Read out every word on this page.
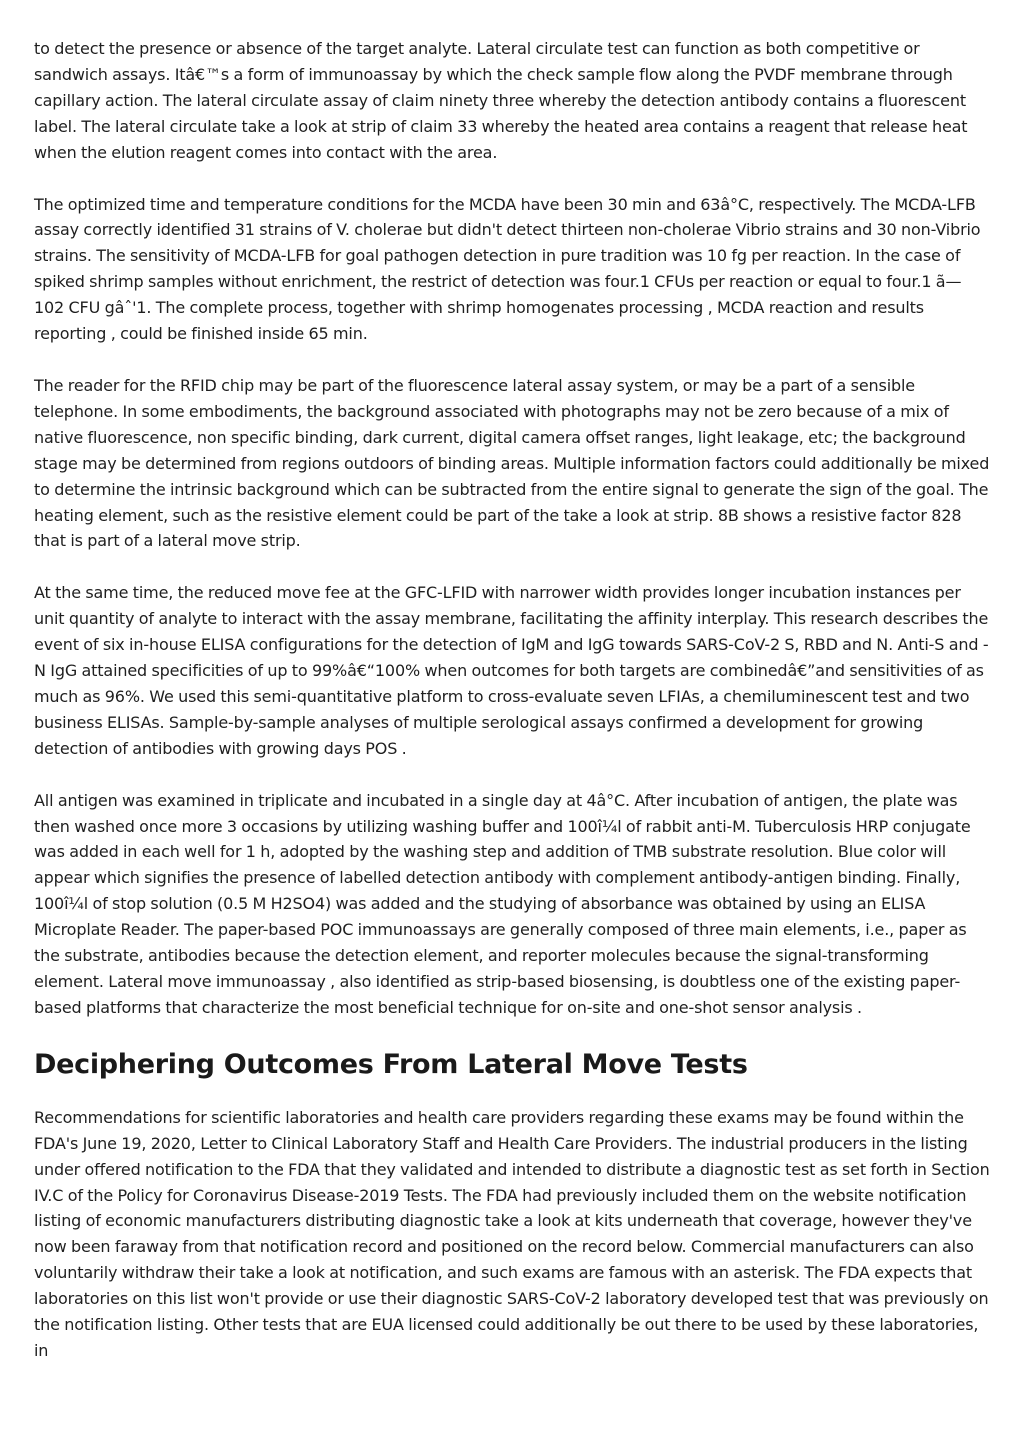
to detect the presence or absence of the target analyte. Lateral circulate test can function as both competitive or sandwich assays. Itâ€™s a form of immunoassay by which the check sample flow along the PVDF membrane through capillary action. The lateral circulate assay of claim ninety three whereby the detection antibody contains a fluorescent label. The lateral circulate take a look at strip of claim 33 whereby the heated area contains a reagent that release heat when the elution reagent comes into contact with the area.

The optimized time and temperature conditions for the MCDA have been 30 min and 63â°C, respectively. The MCDA-LFB assay correctly identified 31 strains of V. cholerae but didn't detect thirteen non-cholerae Vibrio strains and 30 non-Vibrio strains. The sensitivity of MCDA-LFB for goal pathogen detection in pure tradition was 10 fg per reaction. In the case of spiked shrimp samples without enrichment, the restrict of detection was four.1 CFUs per reaction or equal to four.1 ã— 102 CFU gâˆ'1. The complete process, together with shrimp homogenates processing , MCDA reaction and results reporting , could be finished inside 65 min.

The reader for the RFID chip may be part of the fluorescence lateral assay system, or may be a part of a sensible telephone. In some embodiments, the background associated with photographs may not be zero because of a mix of native fluorescence, non specific binding, dark current, digital camera offset ranges, light leakage, etc; the background stage may be determined from regions outdoors of binding areas. Multiple information factors could additionally be mixed to determine the intrinsic background which can be subtracted from the entire signal to generate the sign of the goal. The heating element, such as the resistive element could be part of the take a look at strip. 8B shows a resistive factor 828 that is part of a lateral move strip.

At the same time, the reduced move fee at the GFC-LFID with narrower width provides longer incubation instances per unit quantity of analyte to interact with the assay membrane, facilitating the affinity interplay. This research describes the event of six in-house ELISA configurations for the detection of IgM and IgG towards SARS-CoV-2 S, RBD and N. Anti-S and -N IgG attained specificities of up to 99%â€“100% when outcomes for both targets are combinedâ€”and sensitivities of as much as 96%. We used this semi-quantitative platform to cross-evaluate seven LFIAs, a chemiluminescent test and two business ELISAs. Sample-by-sample analyses of multiple serological assays confirmed a development for growing detection of antibodies with growing days POS .

All antigen was examined in triplicate and incubated in a single day at 4â°C. After incubation of antigen, the plate was then washed once more 3 occasions by utilizing washing buffer and 100î¼l of rabbit anti-M. Tuberculosis HRP conjugate was added in each well for 1 h, adopted by the washing step and addition of TMB substrate resolution. Blue color will appear which signifies the presence of labelled detection antibody with complement antibody-antigen binding. Finally, 100î¼l of stop solution (0.5 M H2SO4) was added and the studying of absorbance was obtained by using an ELISA Microplate Reader. The paper-based POC immunoassays are generally composed of three main elements, i.e., paper as the substrate, antibodies because the detection element, and reporter molecules because the signal-transforming element. Lateral move immunoassay , also identified as strip-based biosensing, is doubtless one of the existing paper-based platforms that characterize the most beneficial technique for on-site and one-shot sensor analysis .

Deciphering Outcomes From Lateral Move Tests

Recommendations for scientific laboratories and health care providers regarding these exams may be found within the FDA's June 19, 2020, Letter to Clinical Laboratory Staff and Health Care Providers. The industrial producers in the listing under offered notification to the FDA that they validated and intended to distribute a diagnostic test as set forth in Section IV.C of the Policy for Coronavirus Disease-2019 Tests. The FDA had previously included them on the website notification listing of economic manufacturers distributing diagnostic take a look at kits underneath that coverage, however they've now been faraway from that notification record and positioned on the record below. Commercial manufacturers can also voluntarily withdraw their take a look at notification, and such exams are famous with an asterisk. The FDA expects that laboratories on this list won't provide or use their diagnostic SARS-CoV-2 laboratory developed test that was previously on the notification listing. Other tests that are EUA licensed could additionally be out there to be used by these laboratories, in
